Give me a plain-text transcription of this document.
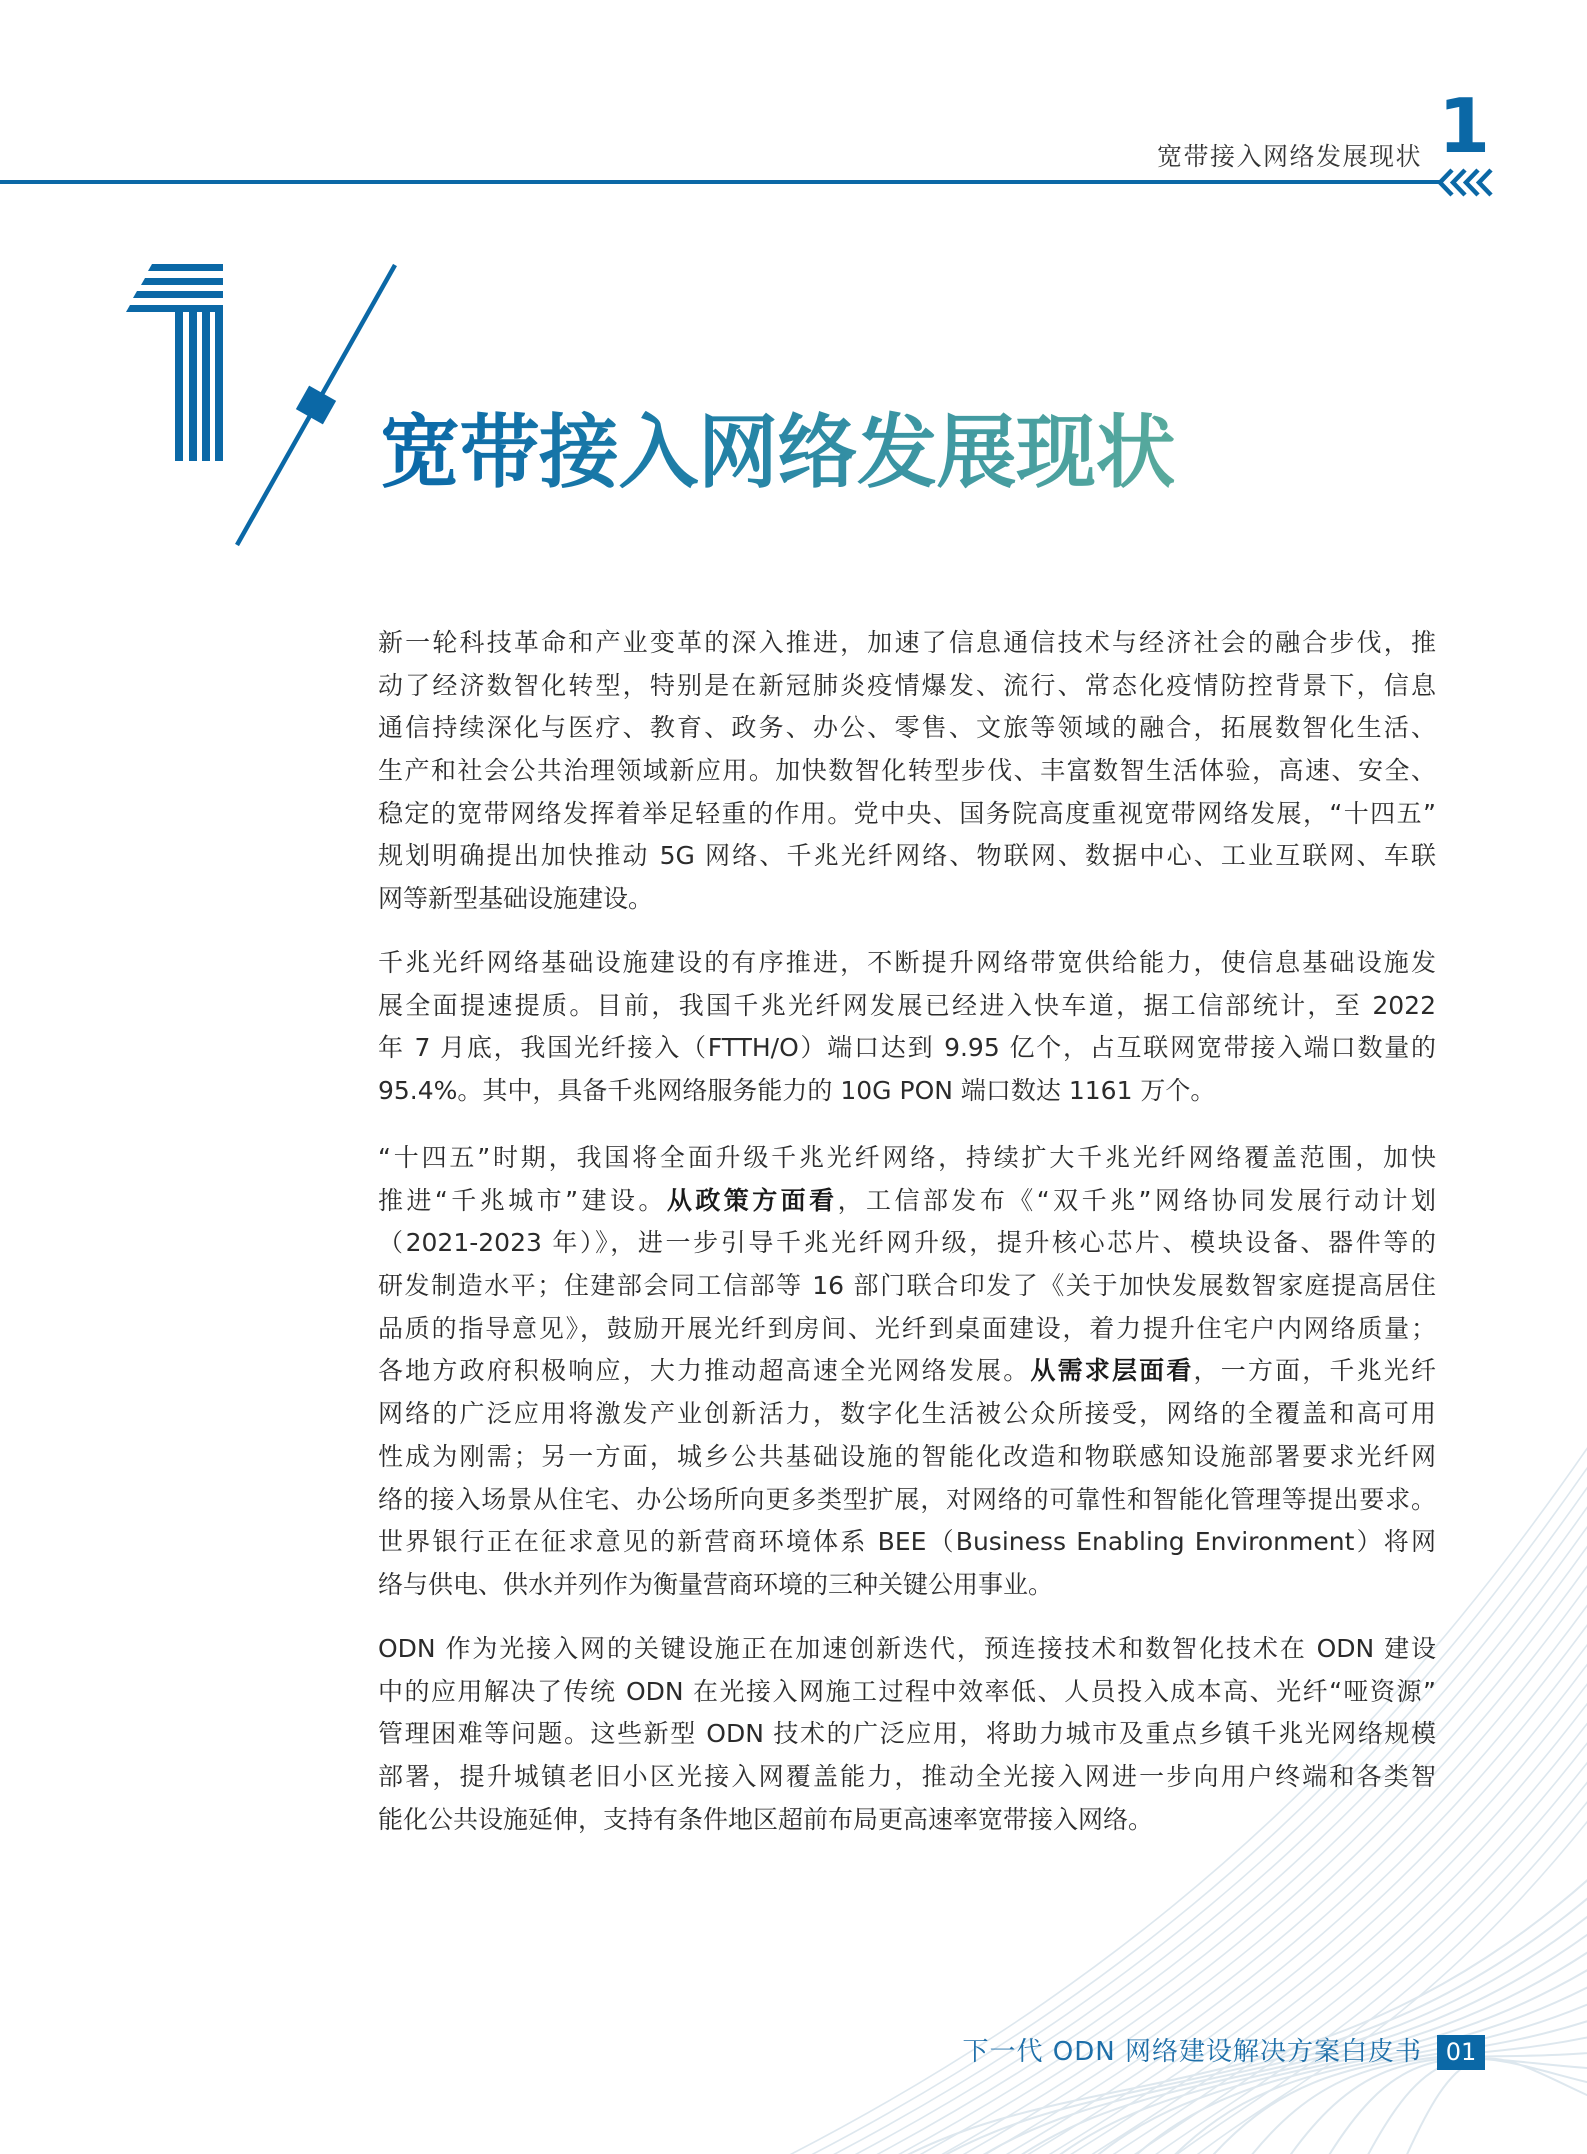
宽带接入网络发展现状 1
宽带接入网络发展现状
新一轮科技革命和产业变革的深入推进，加速了信息通信技术与经济社会的融合步伐，推
动了经济数智化转型，特别是在新冠肺炎疫情爆发、流行、常态化疫情防控背景下，信息
通信持续深化与医疗、教育、政务、办公、零售、文旅等领域的融合，拓展数智化生活、
生产和社会公共治理领域新应用。加快数智化转型步伐、丰富数智生活体验，高速、安全、
稳定的宽带网络发挥着举足轻重的作用。党中央、国务院高度重视宽带网络发展，“十四五”
规划明确提出加快推动 5G 网络、千兆光纤网络、物联网、数据中心、工业互联网、车联
网等新型基础设施建设。
千兆光纤网络基础设施建设的有序推进，不断提升网络带宽供给能力，使信息基础设施发
展全面提速提质。目前，我国千兆光纤网发展已经进入快车道，据工信部统计，至 2022
年 7 月底，我国光纤接入（FTTH/O）端口达到 9.95 亿个，占互联网宽带接入端口数量的
95.4%。其中，具备千兆网络服务能力的 10G PON 端口数达 1161 万个。
“十四五”时期，我国将全面升级千兆光纤网络，持续扩大千兆光纤网络覆盖范围，加快
推进“千兆城市”建设。从政策方面看，工信部发布《“双千兆”网络协同发展行动计划
（2021-2023 年）》，进一步引导千兆光纤网升级，提升核心芯片、模块设备、器件等的
研发制造水平；住建部会同工信部等 16 部门联合印发了《关于加快发展数智家庭提高居住
品质的指导意见》，鼓励开展光纤到房间、光纤到桌面建设，着力提升住宅户内网络质量；
各地方政府积极响应，大力推动超高速全光网络发展。从需求层面看，一方面，千兆光纤
网络的广泛应用将激发产业创新活力，数字化生活被公众所接受，网络的全覆盖和高可用
性成为刚需；另一方面，城乡公共基础设施的智能化改造和物联感知设施部署要求光纤网
络的接入场景从住宅、办公场所向更多类型扩展，对网络的可靠性和智能化管理等提出要求。
世界银行正在征求意见的新营商环境体系 BEE（Business Enabling Environment）将网
络与供电、供水并列作为衡量营商环境的三种关键公用事业。
ODN 作为光接入网的关键设施正在加速创新迭代，预连接技术和数智化技术在 ODN 建设
中的应用解决了传统 ODN 在光接入网施工过程中效率低、人员投入成本高、光纤“哑资源”
管理困难等问题。这些新型 ODN 技术的广泛应用，将助力城市及重点乡镇千兆光网络规模
部署，提升城镇老旧小区光接入网覆盖能力，推动全光接入网进一步向用户终端和各类智
能化公共设施延伸，支持有条件地区超前布局更高速率宽带接入网络。
下一代 ODN 网络建设解决方案白皮书 01
